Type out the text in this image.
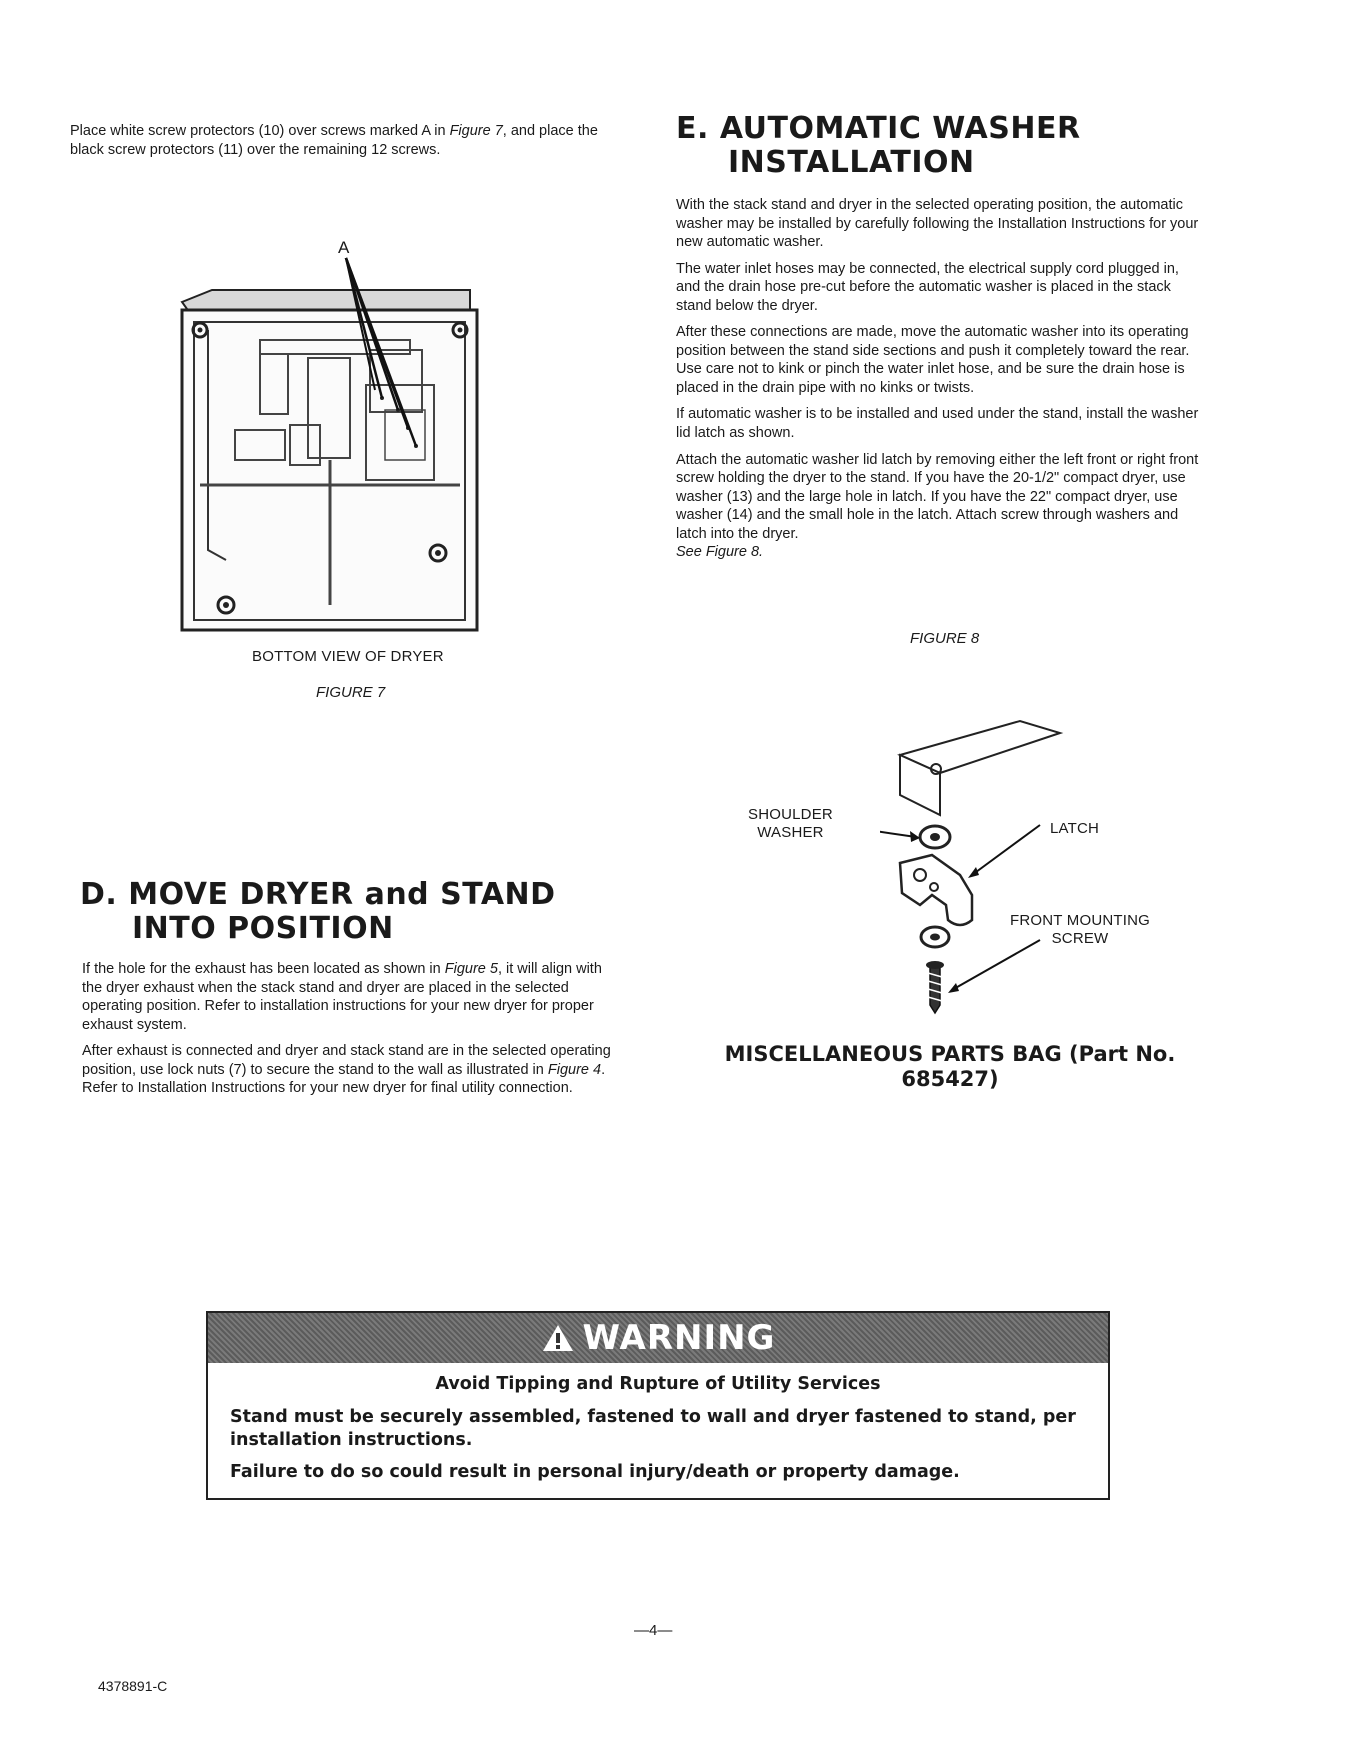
Place white screw protectors (10) over screws marked A in Figure 7, and place the black screw protectors (11) over the remaining 12 screws.
A
BOTTOM VIEW OF DRYER
FIGURE 7
D. MOVE DRYER and STAND
INTO POSITION

If the hole for the exhaust has been located as shown in Figure 5, it will align with the dryer exhaust when the stack stand and dryer are placed in the selected operating position. Refer to installation instructions for your new dryer for proper exhaust system.

After exhaust is connected and dryer and stack stand are in the selected operating position, use lock nuts (7) to secure the stand to the wall as illustrated in Figure 4. Refer to Installation Instructions for your new dryer for final utility connection.

E. AUTOMATIC WASHER
INSTALLATION

With the stack stand and dryer in the selected operating position, the automatic washer may be installed by carefully following the Installation Instructions for your new automatic washer.

The water inlet hoses may be connected, the electrical supply cord plugged in, and the drain hose pre-cut before the automatic washer is placed in the stack stand below the dryer.

After these connections are made, move the automatic washer into its operating position between the stand side sections and push it completely toward the rear. Use care not to kink or pinch the water inlet hose, and be sure the drain hose is placed in the drain pipe with no kinks or twists.

If automatic washer is to be installed and used under the stand, install the washer lid latch as shown.

Attach the automatic washer lid latch by removing either the left front or right front screw holding the dryer to the stand. If you have the 20-1/2" compact dryer, use washer (13) and the large hole in latch. If you have the 22" compact dryer, use washer (14) and the small hole in the latch. Attach screw through washers and latch into the dryer.
See Figure 8.

FIGURE 8
SHOULDER
WASHER	LATCH
FRONT MOUNTING
SCREW
MISCELLANEOUS PARTS BAG (Part No.
685427)
WARNING
Avoid Tipping and Rupture of Utility Services

Stand must be securely assembled, fastened to wall and dryer fastened to stand, per installation instructions.

Failure to do so could result in personal injury/death or property damage.

—4—
4378891-C
